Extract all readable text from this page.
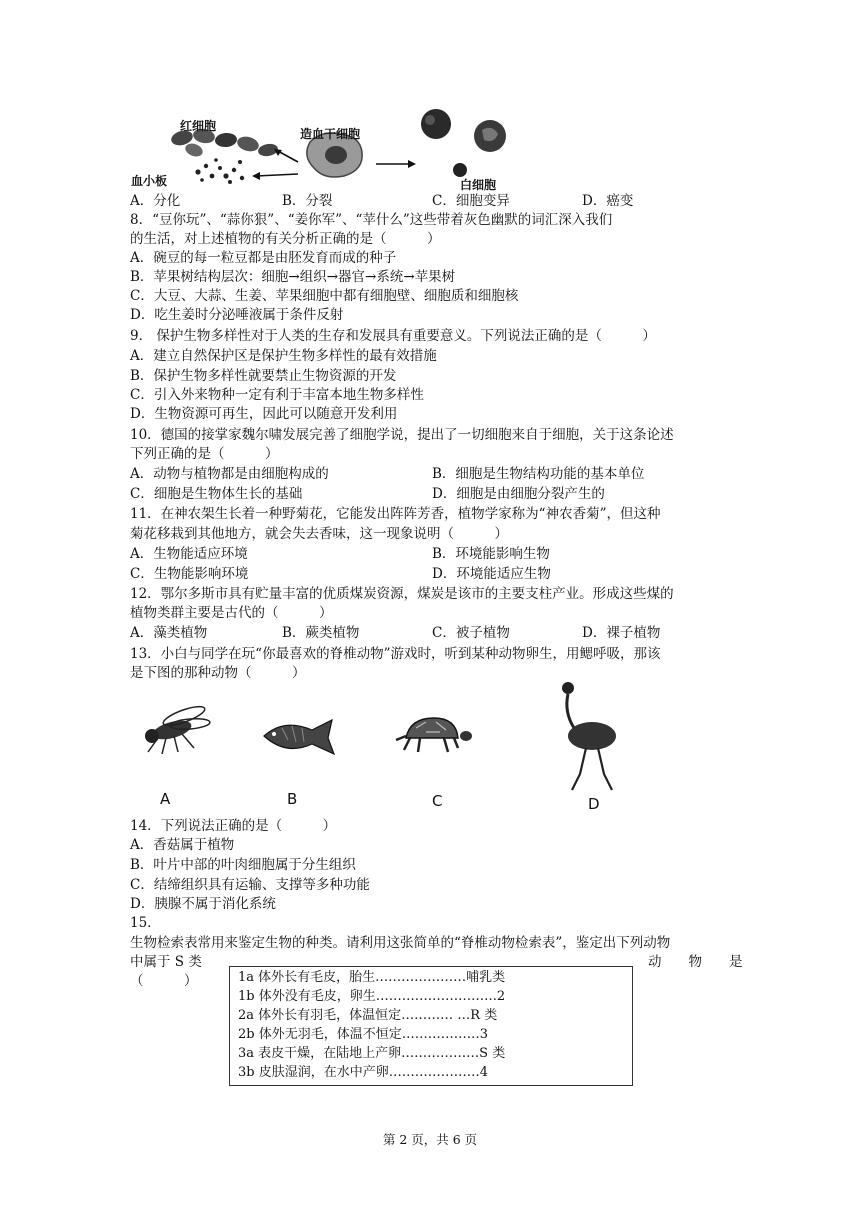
红细胞
造血干细胞
血小板	白细胞
A．分化	B．分裂	C．细胞变异	D．癌变
8．“豆你玩”、“蒜你狠”、“姜你军”、“苹什么”这些带着灰色幽默的词汇深入我们
的生活，对上述植物的有关分析正确的是（　　　）
A．碗豆的每一粒豆都是由胚发育而成的种子
B．苹果树结构层次：细胞→组织→器官→系统→苹果树
C．大豆、大蒜、生姜、苹果细胞中都有细胞壁、细胞质和细胞核
D．吃生姜时分泌唾液属于条件反射
9． 保护生物多样性对于人类的生存和发展具有重要意义。下列说法正确的是（　　　）
A．建立自然保护区是保护生物多样性的最有效措施
B．保护生物多样性就要禁止生物资源的开发
C．引入外来物种一定有利于丰富本地生物多样性
D．生物资源可再生，因此可以随意开发利用
10．德国的接掌家魏尔啸发展完善了细胞学说，提出了一切细胞来自于细胞，关于这条论述
下列正确的是（　　　）
A．动物与植物都是由细胞构成的	B．细胞是生物结构功能的基本单位
C．细胞是生物体生长的基础	D．细胞是由细胞分裂产生的
11．在神农架生长着一种野菊花，它能发出阵阵芳香，植物学家称为“神农香菊”，但这种
菊花移栽到其他地方，就会失去香味，这一现象说明（　　　）
A．生物能适应环境	B．环境能影响生物
C．生物能影响环境	D．环境能适应生物
12．鄂尔多斯市具有贮量丰富的优质煤炭资源，煤炭是该市的主要支柱产业。形成这些煤的
植物类群主要是古代的（　　　）
A．藻类植物	B．蕨类植物	C．被子植物	D．裸子植物
13．小白与同学在玩“你最喜欢的脊椎动物”游戏时，听到某种动物卵生，用鳃呼吸，那该
是下图的那种动物（　　　）
A	B	C	D
14．下列说法正确的是（　　　）
A．香菇属于植物
B．叶片中部的叶肉细胞属于分生组织
C．结缔组织具有运输、支撑等多种功能
D．胰腺不属于消化系统
15．
生物检索表常用来鉴定生物的种类。请利用这张简单的“脊椎动物检索表”，鉴定出下列动物
中属于 S 类	动　　物　　是
（　　　）	1a 体外长有毛皮，胎生…………………哺乳类
1b 体外没有毛皮，卵生……………………….2
2a 体外长有羽毛，体温恒定………… …R 类
2b 体外无羽毛，体温不恒定………………3
3a 表皮干燥，在陆地上产卵………………S 类
3b 皮肤湿润，在水中产卵…………………4
第 2 页，共 6 页
